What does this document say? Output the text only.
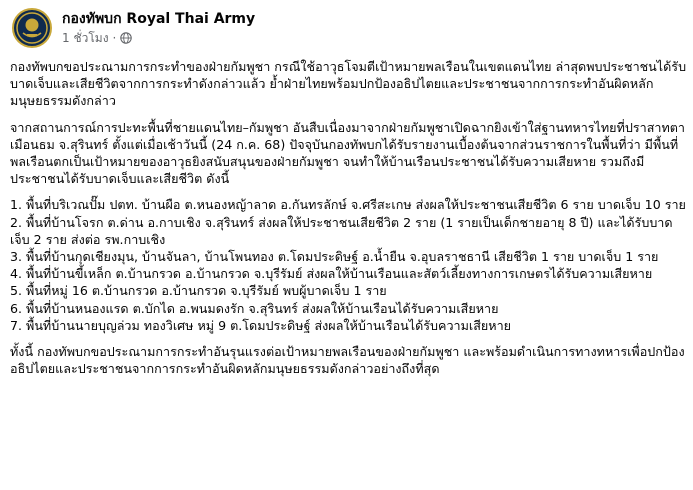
กองทัพบก Royal Thai Army
1 ชั่วโมง ·

กองทัพบกขอประณามการกระทำของฝ่ายกัมพูชา กรณีใช้อาวุธโจมตีเป้าหมายพลเรือนในเขตแดนไทย ล่าสุดพบประชาชนได้รับบาดเจ็บและเสียชีวิตจากการกระทำดังกล่าวแล้ว ย้ำฝ่ายไทยพร้อมปกป้องอธิปไตยและประชาชนจากการกระทำอันผิดหลักมนุษยธรรมดังกล่าว

จากสถานการณ์การปะทะพื้นที่ชายแดนไทย–กัมพูชา อันสืบเนื่องมาจากฝ่ายกัมพูชาเปิดฉากยิงเข้าใส่ฐานทหารไทยที่ปราสาทตาเมือนธม จ.สุรินทร์ ตั้งแต่เมื่อเช้าวันนี้ (24 ก.ค. 68) ปัจจุบันกองทัพบกได้รับรายงานเบื้องต้นจากส่วนราชการในพื้นที่ว่า มีพื้นที่พลเรือนตกเป็นเป้าหมายของอาวุธยิงสนับสนุนของฝ่ายกัมพูชา จนทำให้บ้านเรือนประชาชนได้รับความเสียหาย รวมถึงมีประชาชนได้รับบาดเจ็บและเสียชีวิต ดังนี้

1. พื้นที่บริเวณปั๊ม ปตท. บ้านผือ ต.หนองหญ้าลาด อ.กันทรลักษ์ จ.ศรีสะเกษ ส่งผลให้ประชาชนเสียชีวิต 6 ราย บาดเจ็บ 10 ราย

2. พื้นที่บ้านโจรก ต.ด่าน อ.กาบเชิง จ.สุรินทร์ ส่งผลให้ประชาชนเสียชีวิต 2 ราย (1 รายเป็นเด็กชายอายุ 8 ปี) และได้รับบาดเจ็บ 2 ราย ส่งต่อ รพ.กาบเชิง

3. พื้นที่บ้านกุดเชียงมุน, บ้านจันลา, บ้านโพนทอง ต.โดมประดิษฐ์ อ.น้ำยืน จ.อุบลราชธานี เสียชีวิต 1 ราย บาดเจ็บ 1 ราย

4. พื้นที่บ้านขี้เหล็ก ต.บ้านกรวด อ.บ้านกรวด จ.บุรีรัมย์ ส่งผลให้บ้านเรือนและสัตว์เลี้ยงทางการเกษตรได้รับความเสียหาย

5. พื้นที่หมู่ 16 ต.บ้านกรวด อ.บ้านกรวด จ.บุรีรัมย์ พบผู้บาดเจ็บ 1 ราย

6. พื้นที่บ้านหนองแรด ต.บักได อ.พนมดงรัก จ.สุรินทร์ ส่งผลให้บ้านเรือนได้รับความเสียหาย

7. พื้นที่บ้านนายบุญล่วม ทองวิเศษ หมู่ 9 ต.โดมประดิษฐ์ ส่งผลให้บ้านเรือนได้รับความเสียหาย

ทั้งนี้ กองทัพบกขอประณามการกระทำอันรุนแรงต่อเป้าหมายพลเรือนของฝ่ายกัมพูชา และพร้อมดำเนินการทางทหารเพื่อปกป้องอธิปไตยและประชาชนจากการกระทำอันผิดหลักมนุษยธรรมดังกล่าวอย่างถึงที่สุด
